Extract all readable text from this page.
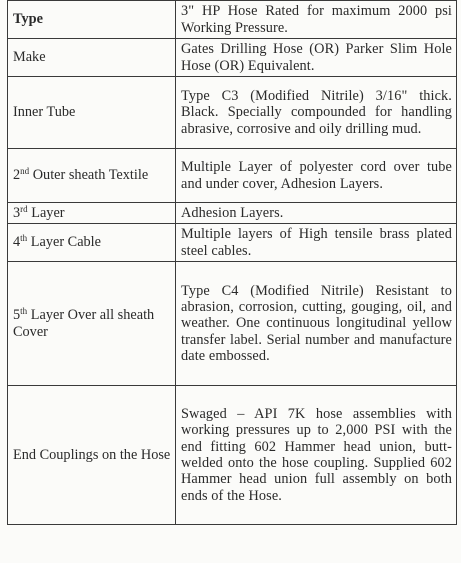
Type	3" HP Hose Rated for maximum 2000 psi Working Pressure.
Make	Gates Drilling Hose (OR) Parker Slim Hole Hose (OR) Equivalent.
Inner Tube	Type C3 (Modified Nitrile) 3/16" thick. Black. Specially compounded for handling abrasive, corrosive and oily drilling mud.
2nd Outer sheath Textile	Multiple Layer of polyester cord over tube and under cover, Adhesion Layers.
3rd Layer	Adhesion Layers.
4th Layer Cable	Multiple layers of High tensile brass plated steel cables.
5th Layer Over all sheath Cover	Type C4 (Modified Nitrile) Resistant to abrasion, corrosion, cutting, gouging, oil, and weather. One continuous longitudinal yellow transfer label. Serial number and manufacture date embossed.
End Couplings on the Hose	Swaged – API 7K hose assemblies with working pressures up to 2,000 PSI with the end fitting 602 Hammer head union, butt-welded onto the hose coupling. Supplied 602 Hammer head union full assembly on both ends of the Hose.
